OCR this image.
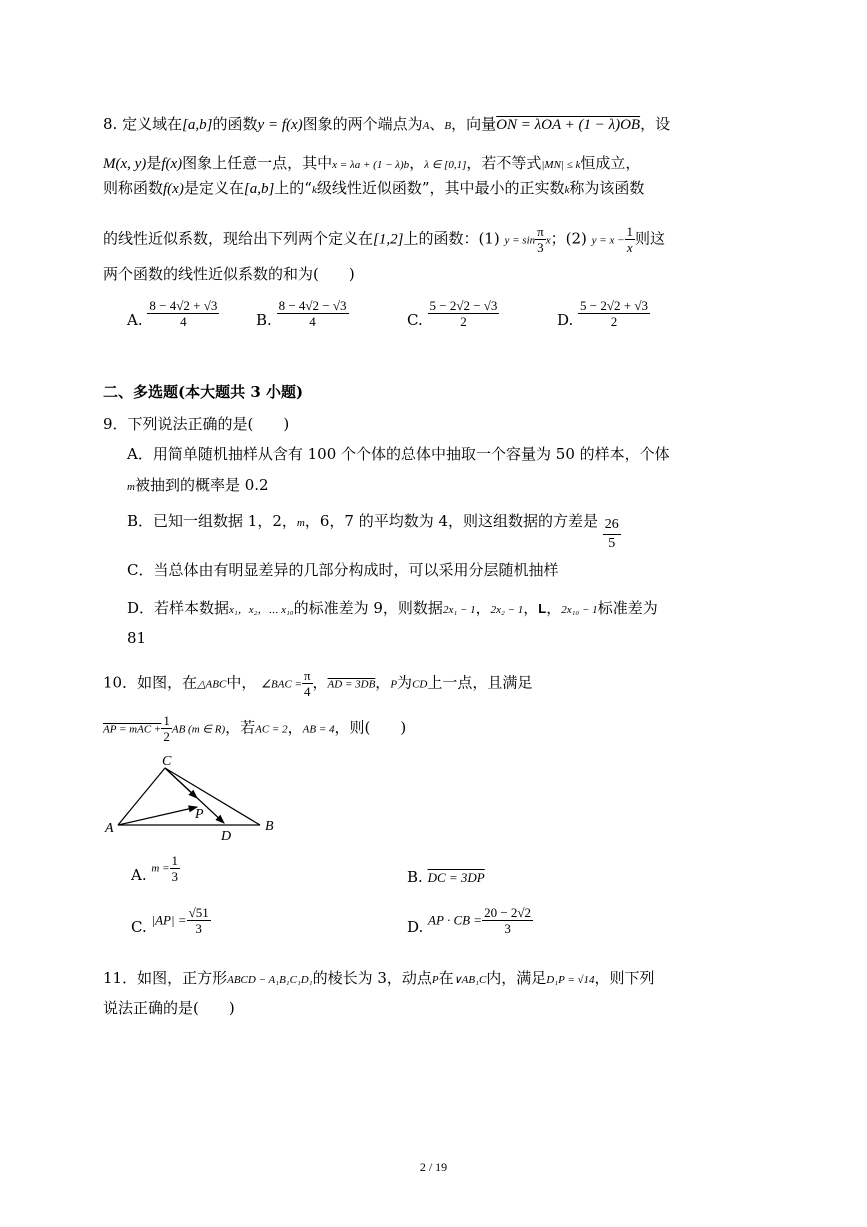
8. 定义域在[a,b]的函数y = f(x)图象的两个端点为A、B，向量ON = λOA + (1 − λ)OB，设
M(x, y)是f(x)图象上任意一点，其中x = λa + (1 − λ)b，λ ∈ [0,1]，若不等式|MN| ≤ k恒成立，
则称函数f(x)是定义在[a,b]上的“k级线性近似函数”，其中最小的正实数k称为该函数
的线性近似系数，现给出下列两个定义在[1,2]上的函数：(1) $y = \sin \frac{\pi}{3}$ x；(2) $y = x - \frac{1}{x}$ 则这
两个函数的线性近似系数的和为(　　)
A. $\frac{8 - 4√2 + √3}{4} B$. $\frac{8 - 4√2 - √3}{4}$	C. $\frac{5 - 2√2 - √3}{2}$	D. $\frac{5 - 2√2 + √3}{2}$
二、多选题(本大题共 3 小题)
9．下列说法正确的是(　　)
A．用简单随机抽样从含有 100 个个体的总体中抽取一个容量为 50 的样本，个体
m被抽到的概率是 0.2
B．已知一组数据 1，2，m，6，7 的平均数为 4，则这组数据的方差是 $\frac{26}{5}$
C．当总体由有明显差异的几部分构成时，可以采用分层随机抽样
D．若样本数据x₁，x₂，⋯ x₁₀的标准差为 9，则数据2x₁ − 1，2x₂ − 1，L，2x₁₀ − 1标准差为
81
10．如图，在△ABC中， ∠BAC = $\frac{\pi}{4}$ ，AD = 3DB，P为CD上一点，且满足
AP = mAC + $\frac{1}{2}$ AB (m ∈ R)，若AC = 2，AB = 4，则(　　)
C
P
A
D
B
A. $m = \frac{1}{3}$	B. DC = 3DP
C. $|AP| = \frac{√51}{3}$	D. AP · CB = $\frac{20 - 2√2}{3}$
11．如图，正方形ABCD − A₁B₁C₁D₁的棱长为 3，动点P在∨AB₁C内，满足D₁P = √14，则下列
说法正确的是(　　)
2 / 19
